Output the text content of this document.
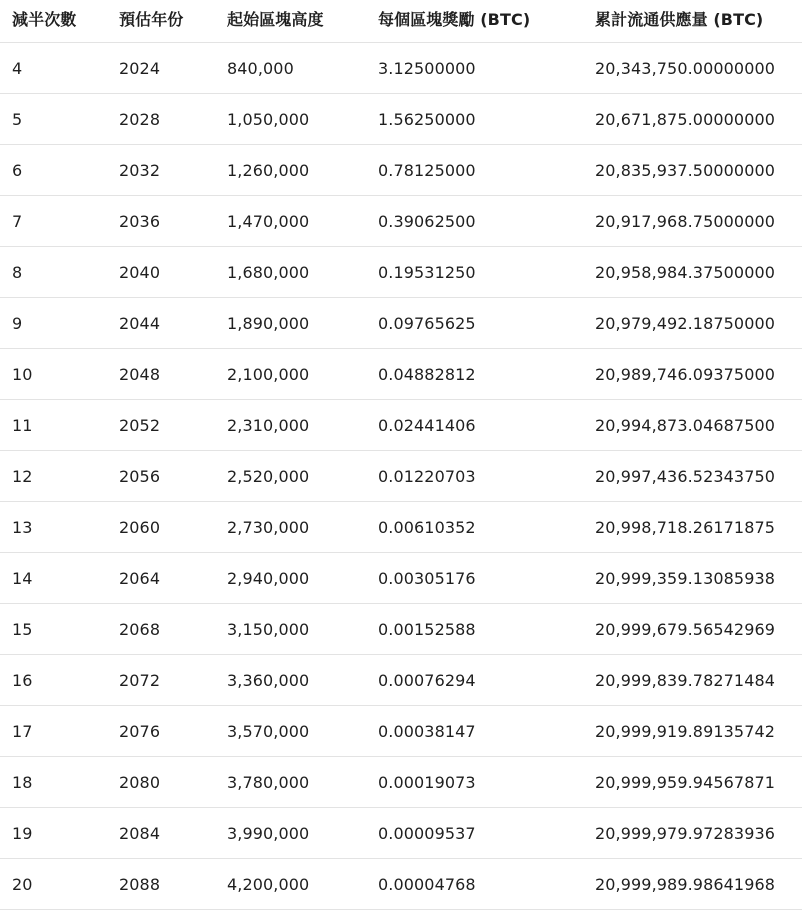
減半次數	預估年份	起始區塊高度	每個區塊獎勵 (BTC)	累計流通供應量 (BTC)
4	2024	840,000	3.12500000	20,343,750.00000000
5	2028	1,050,000	1.56250000	20,671,875.00000000
6	2032	1,260,000	0.78125000	20,835,937.50000000
7	2036	1,470,000	0.39062500	20,917,968.75000000
8	2040	1,680,000	0.19531250	20,958,984.37500000
9	2044	1,890,000	0.09765625	20,979,492.18750000
10	2048	2,100,000	0.04882812	20,989,746.09375000
11	2052	2,310,000	0.02441406	20,994,873.04687500
12	2056	2,520,000	0.01220703	20,997,436.52343750
13	2060	2,730,000	0.00610352	20,998,718.26171875
14	2064	2,940,000	0.00305176	20,999,359.13085938
15	2068	3,150,000	0.00152588	20,999,679.56542969
16	2072	3,360,000	0.00076294	20,999,839.78271484
17	2076	3,570,000	0.00038147	20,999,919.89135742
18	2080	3,780,000	0.00019073	20,999,959.94567871
19	2084	3,990,000	0.00009537	20,999,979.97283936
20	2088	4,200,000	0.00004768	20,999,989.98641968
